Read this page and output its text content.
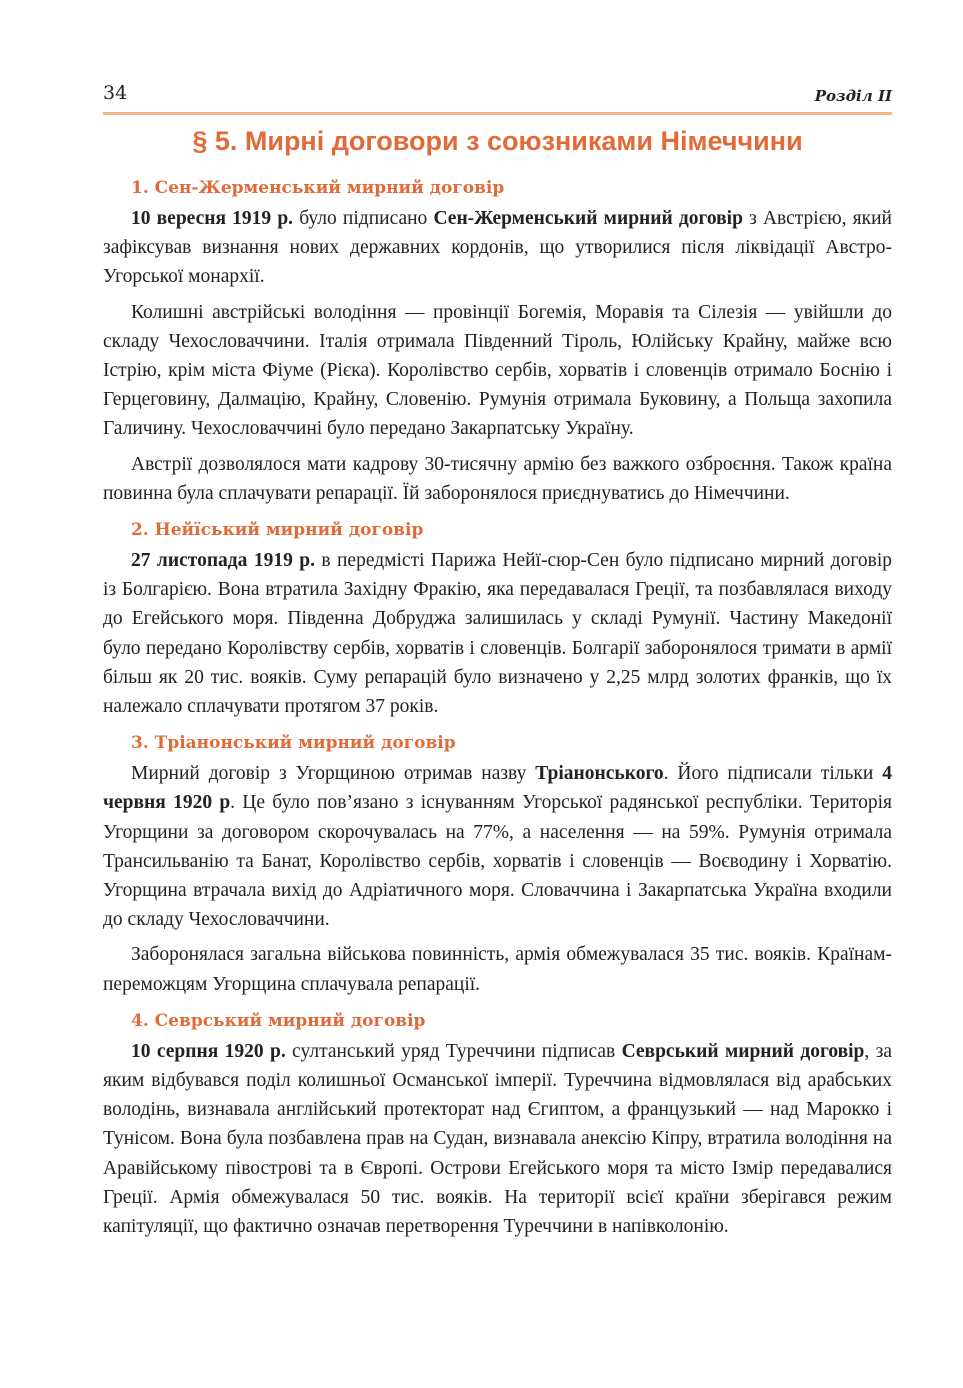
34	Розділ II
§ 5. Мирні договори з союзниками Німеччини
1. Сен-Жерменський мирний договір

10 вересня 1919 р. було підписано Сен-Жерменський мирний договір з Австрією, який зафіксував визнання нових державних кордонів, що утворилися після ліквідації Австро-Угорської монархії.

Колишні австрійські володіння — провінції Богемія, Моравія та Сілезія — увійшли до складу Чехословаччини. Італія отримала Південний Тіроль, Юлійську Крайну, майже всю Істрію, крім міста Фіуме (Рієка). Королівство сербів, хорватів і словенців отримало Боснію і Герцеговину, Далмацію, Крайну, Словенію. Румунія отримала Буковину, а Польща захопила Галичину. Чехословаччині було передано Закарпатську Україну.

Австрії дозволялося мати кадрову 30-тисячну армію без важкого озброєння. Також країна повинна була сплачувати репарації. Їй заборонялося приєднуватись до Німеччини.

2. Нейїський мирний договір

27 листопада 1919 р. в передмісті Парижа Нейї-сюр-Сен було підписано мирний договір із Болгарією. Вона втратила Західну Фракію, яка передавалася Греції, та позбавлялася виходу до Егейського моря. Південна Добруджа залишилась у складі Румунії. Частину Македонії було передано Королівству сербів, хорватів і словенців. Болгарії заборонялося тримати в армії більш як 20 тис. вояків. Суму репарацій було визначено у 2,25 млрд золотих франків, що їх належало сплачувати протягом 37 років.

3. Тріанонський мирний договір

Мирний договір з Угорщиною отримав назву Тріанонського. Його підписали тільки 4 червня 1920 р. Це було пов’язано з існуванням Угорської радянської республіки. Територія Угорщини за договором скорочувалась на 77%, а населення — на 59%. Румунія отримала Трансильванію та Банат, Королівство сербів, хорватів і словенців — Воєводину і Хорватію. Угорщина втрачала вихід до Адріатичного моря. Словаччина і Закарпатська Україна входили до складу Чехословаччини.

Заборонялася загальна військова повинність, армія обмежувалася 35 тис. вояків. Країнам-переможцям Угорщина сплачувала репарації.

4. Севрський мирний договір

10 серпня 1920 р. султанський уряд Туреччини підписав Севрський мирний договір, за яким відбувався поділ колишньої Османської імперії. Туреччина відмовлялася від арабських володінь, визнавала англійський протекторат над Єгиптом, а французький — над Марокко і Тунісом. Вона була позбавлена прав на Судан, визнавала анексію Кіпру, втратила володіння на Аравійському півострові та в Європі. Острови Егейського моря та місто Ізмір передавалися Греції. Армія обмежувалася 50 тис. вояків. На території всієї країни зберігався режим капітуляції, що фактично означав перетворення Туреччини в напівколонію.
